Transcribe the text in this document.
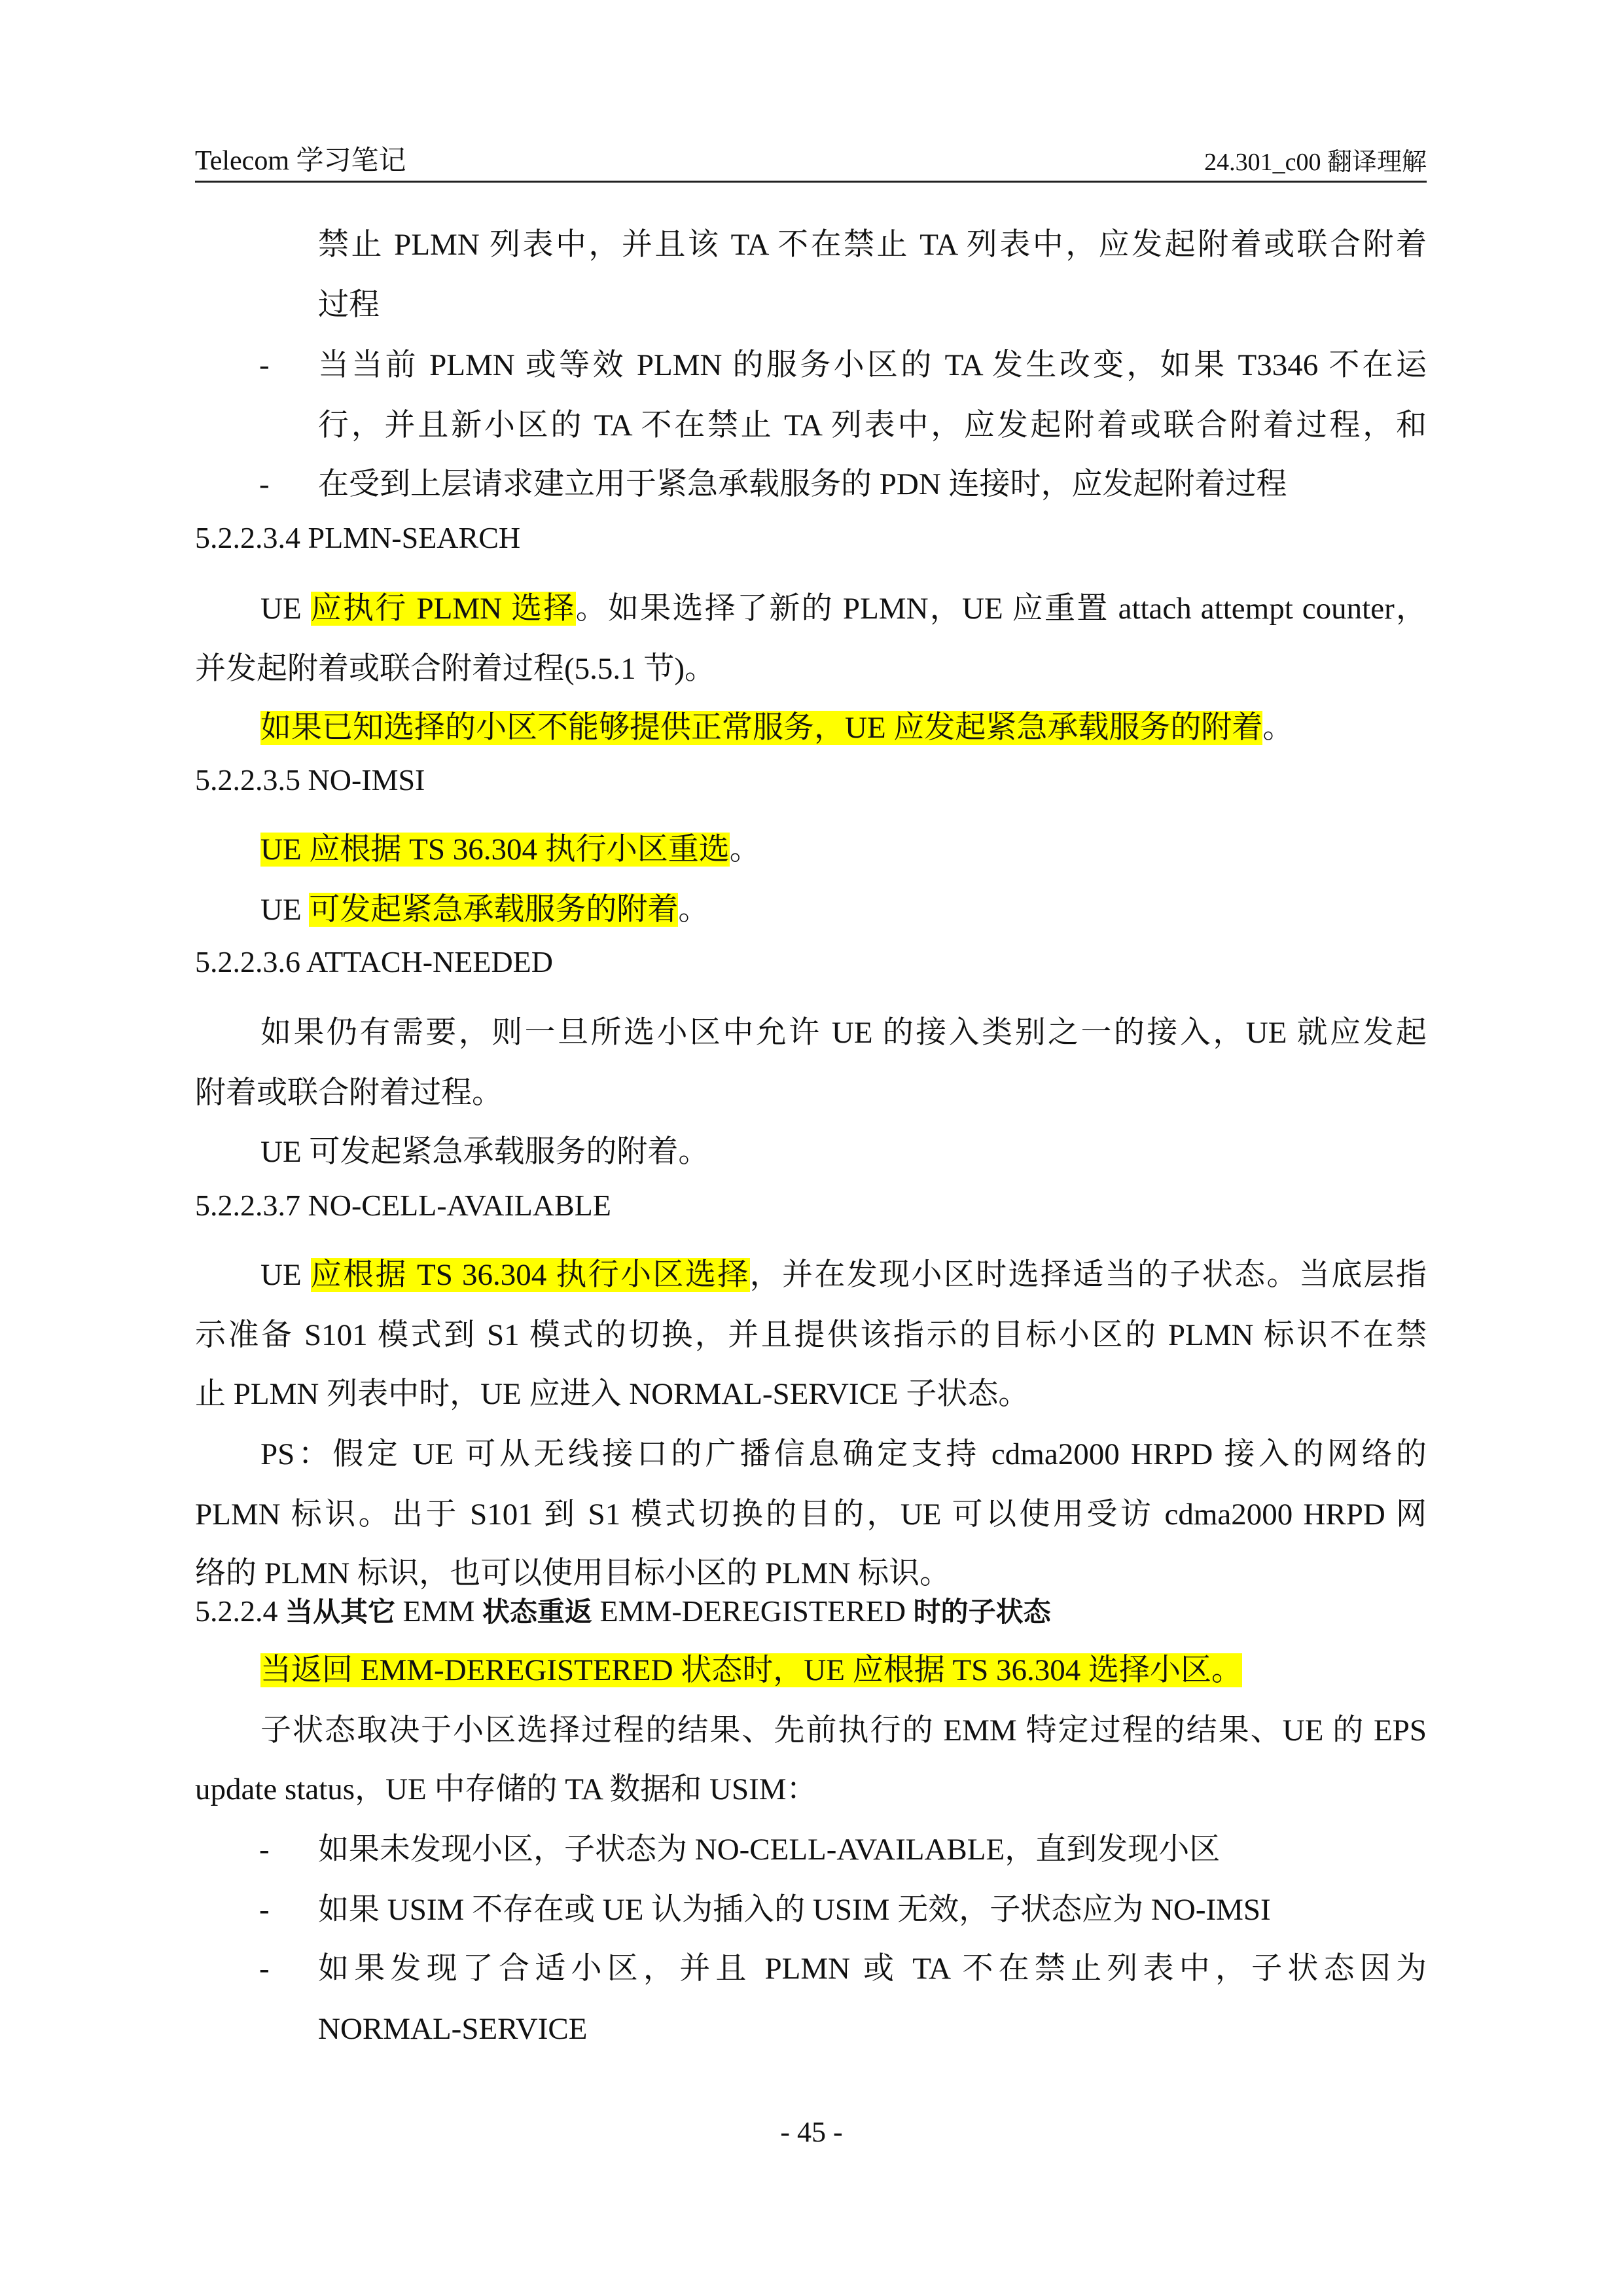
Telecom 学习笔记	24.301_c00 翻译理解
禁止 PLMN 列表中，并且该 TA 不在禁止 TA 列表中，应发起附着或联合附着
过程
- 当当前 PLMN 或等效 PLMN 的服务小区的 TA 发生改变，如果 T3346 不在运
行，并且新小区的 TA 不在禁止 TA 列表中，应发起附着或联合附着过程，和
- 在受到上层请求建立用于紧急承载服务的 PDN 连接时，应发起附着过程
5.2.2.3.4 PLMN-SEARCH
UE 应执行 PLMN 选择。如果选择了新的 PLMN，UE 应重置 attach attempt counter，
并发起附着或联合附着过程(5.5.1 节)。
如果已知选择的小区不能够提供正常服务，UE 应发起紧急承载服务的附着。
5.2.2.3.5 NO-IMSI
UE 应根据 TS 36.304 执行小区重选。
UE 可发起紧急承载服务的附着。
5.2.2.3.6 ATTACH-NEEDED
如果仍有需要，则一旦所选小区中允许 UE 的接入类别之一的接入，UE 就应发起
附着或联合附着过程。
UE 可发起紧急承载服务的附着。
5.2.2.3.7 NO-CELL-AVAILABLE
UE 应根据 TS 36.304 执行小区选择，并在发现小区时选择适当的子状态。当底层指
示准备 S101 模式到 S1 模式的切换，并且提供该指示的目标小区的 PLMN 标识不在禁
止 PLMN 列表中时，UE 应进入 NORMAL-SERVICE 子状态。
PS：假定 UE 可从无线接口的广播信息确定支持 cdma2000 HRPD 接入的网络的
PLMN 标识。出于 S101 到 S1 模式切换的目的，UE 可以使用受访 cdma2000 HRPD 网
络的 PLMN 标识，也可以使用目标小区的 PLMN 标识。
5.2.2.4 当从其它 EMM 状态重返 EMM-DEREGISTERED 时的子状态
当返回 EMM-DEREGISTERED 状态时，UE 应根据 TS 36.304 选择小区。
子状态取决于小区选择过程的结果、先前执行的 EMM 特定过程的结果、UE 的 EPS
update status，UE 中存储的 TA 数据和 USIM：
- 如果未发现小区，子状态为 NO-CELL-AVAILABLE，直到发现小区
- 如果 USIM 不存在或 UE 认为插入的 USIM 无效，子状态应为 NO-IMSI
- 如果发现了合适小区，并且 PLMN 或 TA 不在禁止列表中，子状态因为
NORMAL-SERVICE
- 45 -
